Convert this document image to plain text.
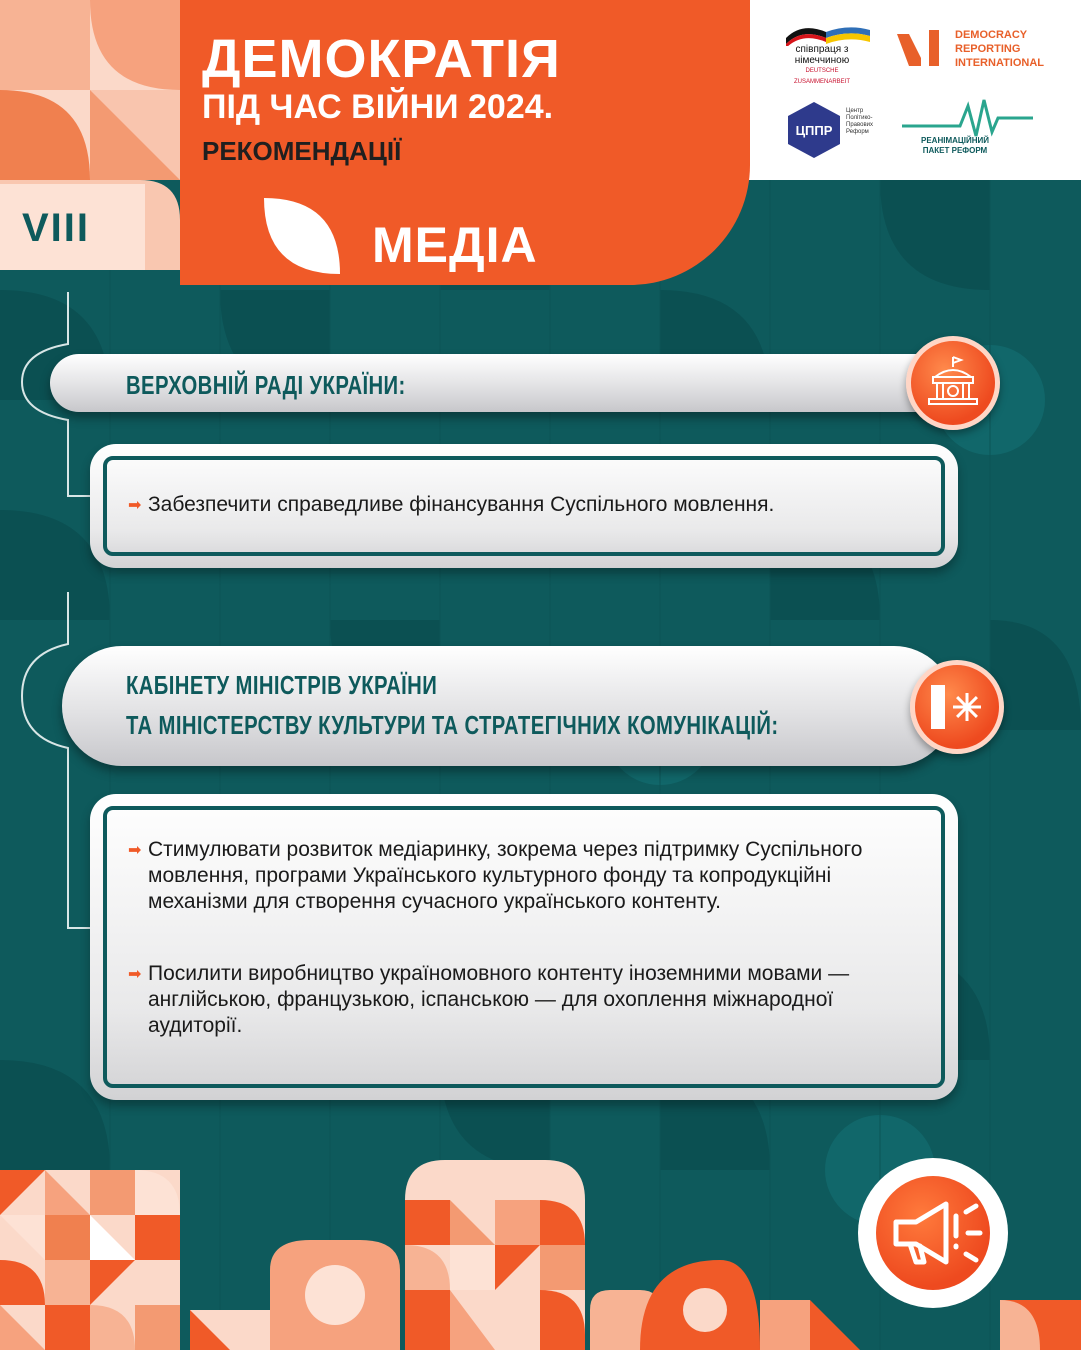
ДЕМОКРАТІЯ
ПІД ЧАС ВІЙНИ 2024.
РЕКОМЕНДАЦІЇ
VIII	МЕДІА
співпраця з
німеччиною
DEUTSCHE ZUSAMMENARBEIT
DEMOCRACY
REPORTING
INTERNATIONAL
ЦППР
Центр
Політико-
Правових
Реформ
РЕАНІМАЦІЙНИЙ
ПАКЕТ РЕФОРМ
ВЕРХОВНІЙ РАДІ УКРАЇНИ:
➡ Забезпечити справедливе фінансування Суспільного мовлення.
КАБІНЕТУ МІНІСТРІВ УКРАЇНИ
ТА МІНІСТЕРСТВУ КУЛЬТУРИ ТА СТРАТЕГІЧНИХ КОМУНІКАЦІЙ:
➡ Стимулювати розвиток медіаринку, зокрема через підтримку Суспільного мовлення, програми Українського культурного фонду та копродукційні механізми для створення сучасного українського контенту.
➡ Посилити виробництво україномовного контенту іноземними мовами — англійською, французькою, іспанською — для охоплення міжнародної аудиторії.
